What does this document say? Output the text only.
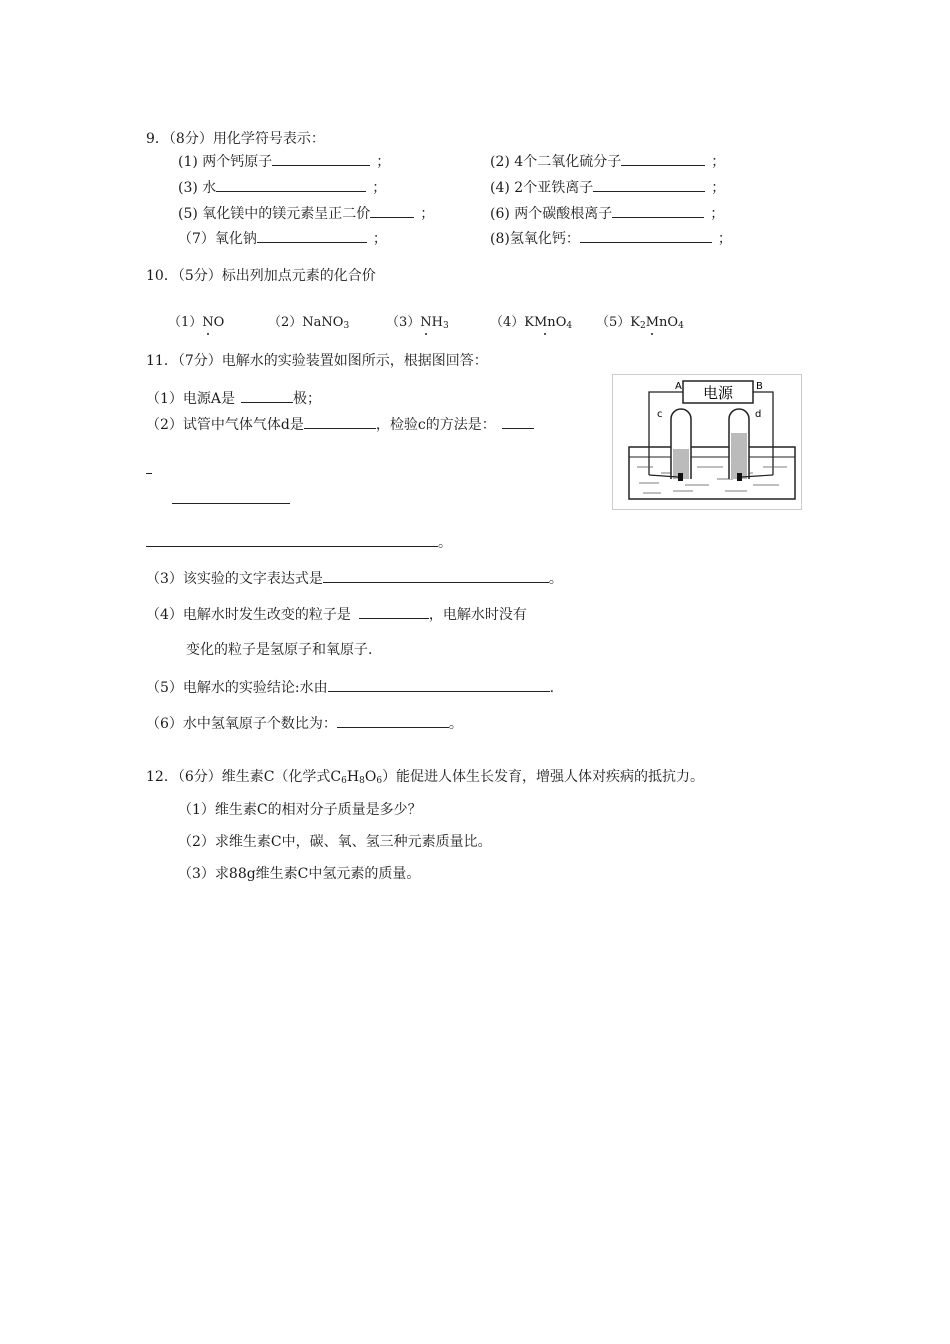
9．（8分）用化学符号表示：
(1) 两个钙原子	；	(2) 4个二氧化硫分子	；
(3) 水	；	(4) 2个亚铁离子	；
(5) 氧化镁中的镁元素呈正二价	；	(6) 两个碳酸根离子	；
（7）氧化钠	；	(8)氢氧化钙：	；
10．（5分）标出列加点元素的化合价
（1）NO	（2）NaNO$_3$	$(3)NH_3$	（4）KMnO$_4$ $(5)K_2MnO_4$
11．（7分）电解水的实验装置如图所示，根据图回答：
（1）电源A是	极；
（2）试管中气体气体d是	，检验c的方法是：
。
（3）该实验的文字表达式是	。
（4）电解水时发生改变的粒子是	，电解水时没有
变化的粒子是氢原子和氧原子.
（5）电解水的实验结论:水由	.
（6）水中氢氧原子个数比为：	。
电源
A	B
c	d
12．（6分）维生素C（化学式$C_6H_8O_6$）能促进人体生长发育，增强人体对疾病的抵抗力。
（1）维生素C的相对分子质量是多少？
（2）求维生素C中，碳、氧、氢三种元素质量比。
（3）求88g维生素C中氢元素的质量。
